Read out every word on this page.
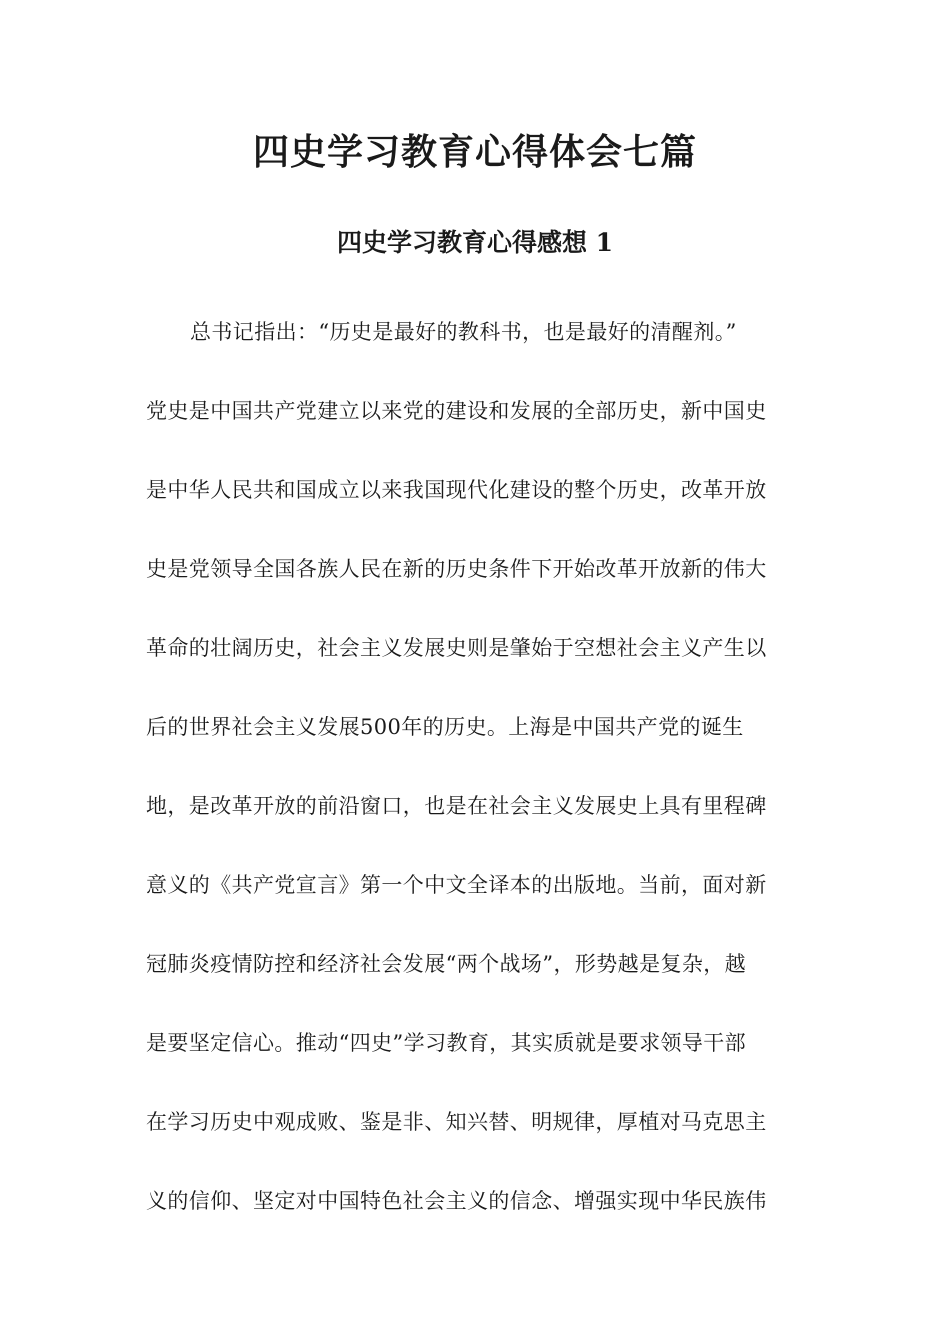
四史学习教育心得体会七篇
四史学习教育心得感想 1
总书记指出：“历史是最好的教科书，也是最好的清醒剂。”
党史是中国共产党建立以来党的建设和发展的全部历史，新中国史
是中华人民共和国成立以来我国现代化建设的整个历史，改革开放
史是党领导全国各族人民在新的历史条件下开始改革开放新的伟大
革命的壮阔历史，社会主义发展史则是肇始于空想社会主义产生以
后的世界社会主义发展500年的历史。上海是中国共产党的诞生
地，是改革开放的前沿窗口，也是在社会主义发展史上具有里程碑
意义的《共产党宣言》第一个中文全译本的出版地。当前，面对新
冠肺炎疫情防控和经济社会发展“两个战场”，形势越是复杂，越
是要坚定信心。推动“四史”学习教育，其实质就是要求领导干部
在学习历史中观成败、鉴是非、知兴替、明规律，厚植对马克思主
义的信仰、坚定对中国特色社会主义的信念、增强实现中华民族伟
